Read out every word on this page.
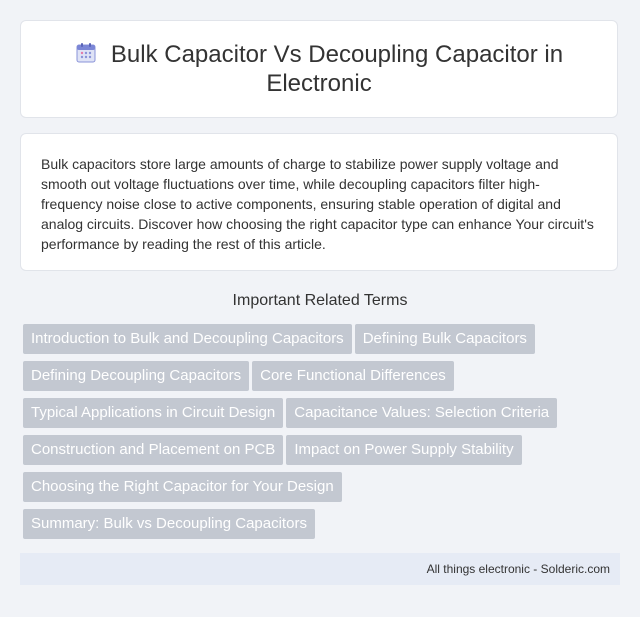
Bulk Capacitor Vs Decoupling Capacitor in Electronic

Bulk capacitors store large amounts of charge to stabilize power supply voltage and smooth out voltage fluctuations over time, while decoupling capacitors filter high-frequency noise close to active components, ensuring stable operation of digital and analog circuits. Discover how choosing the right capacitor type can enhance Your circuit's performance by reading the rest of this article.

Important Related Terms
Introduction to Bulk and Decoupling Capacitors Defining Bulk Capacitors
Defining Decoupling Capacitors Core Functional Differences
Typical Applications in Circuit Design Capacitance Values: Selection Criteria
Construction and Placement on PCB Impact on Power Supply Stability
Choosing the Right Capacitor for Your Design
Summary: Bulk vs Decoupling Capacitors
All things electronic - Solderic.com
